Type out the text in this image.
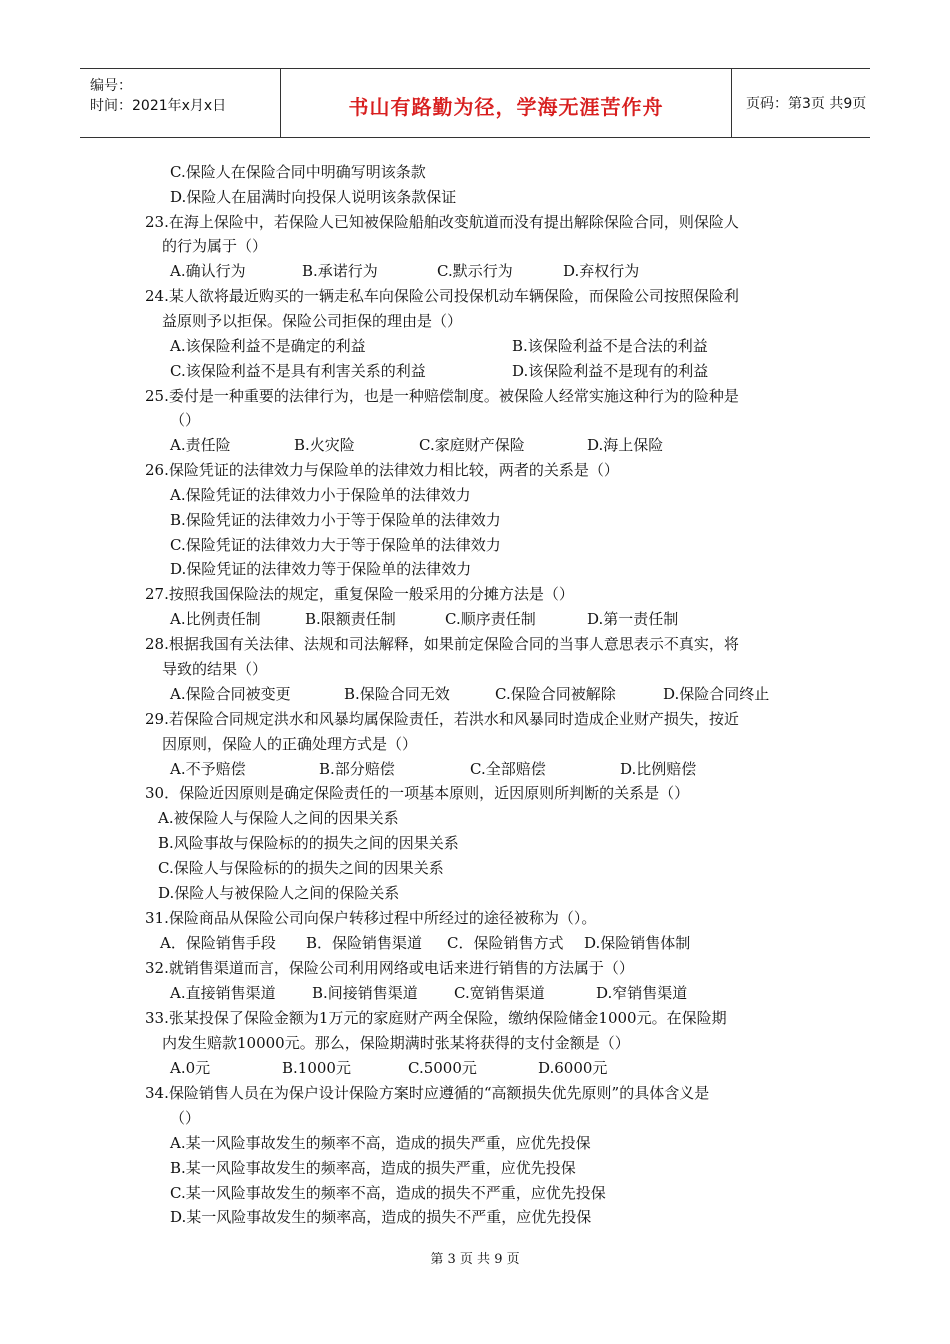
编号：
时间：2021年x月x日	书山有路勤为径，学海无涯苦作舟	页码：第3页 共9页
C.保险人在保险合同中明确写明该条款
D.保险人在届满时向投保人说明该条款保证
23.在海上保险中，若保险人已知被保险船舶改变航道而没有提出解除保险合同，则保险人
的行为属于（）
A.确认行为	B.承诺行为	C.默示行为	D.弃权行为
24.某人欲将最近购买的一辆走私车向保险公司投保机动车辆保险，而保险公司按照保险利
益原则予以拒保。保险公司拒保的理由是（）
A.该保险利益不是确定的利益	B.该保险利益不是合法的利益
C.该保险利益不是具有利害关系的利益	D.该保险利益不是现有的利益
25.委付是一种重要的法律行为，也是一种赔偿制度。被保险人经常实施这种行为的险种是
（）
A.责任险	B.火灾险	C.家庭财产保险	D.海上保险
26.保险凭证的法律效力与保险单的法律效力相比较，两者的关系是（）
A.保险凭证的法律效力小于保险单的法律效力
B.保险凭证的法律效力小于等于保险单的法律效力
C.保险凭证的法律效力大于等于保险单的法律效力
D.保险凭证的法律效力等于保险单的法律效力
27.按照我国保险法的规定，重复保险一般采用的分摊方法是（）
A.比例责任制	B.限额责任制	C.顺序责任制	D.第一责任制
28.根据我国有关法律、法规和司法解释，如果前定保险合同的当事人意思表示不真实，将
导致的结果（）
A.保险合同被变更	B.保险合同无效	C.保险合同被解除	D.保险合同终止
29.若保险合同规定洪水和风暴均属保险责任，若洪水和风暴同时造成企业财产损失，按近
因原则，保险人的正确处理方式是（）
A.不予赔偿	B.部分赔偿	C.全部赔偿	D.比例赔偿
30．保险近因原则是确定保险责任的一项基本原则，近因原则所判断的关系是（）
A.被保险人与保险人之间的因果关系
B.风险事故与保险标的的损失之间的因果关系
C.保险人与保险标的的损失之间的因果关系
D.保险人与被保险人之间的保险关系
31.保险商品从保险公司向保户转移过程中所经过的途径被称为（）。
A．保险销售手段 B．保险销售渠道 C．保险销售方式 D.保险销售体制
32.就销售渠道而言，保险公司利用网络或电话来进行销售的方法属于（）
A.直接销售渠道 B.间接销售渠道 C.宽销售渠道	D.窄销售渠道
33.张某投保了保险金额为1万元的家庭财产两全保险，缴纳保险储金1000元。在保险期
内发生赔款10000元。那么，保险期满时张某将获得的支付金额是（）
A.0元	B.1000元	C.5000元	D.6000元
34.保险销售人员在为保户设计保险方案时应遵循的“高额损失优先原则”的具体含义是
（）
A.某一风险事故发生的频率不高，造成的损失严重，应优先投保
B.某一风险事故发生的频率高，造成的损失严重，应优先投保
C.某一风险事故发生的频率不高，造成的损失不严重，应优先投保
D.某一风险事故发生的频率高，造成的损失不严重，应优先投保
第 3 页 共 9 页
